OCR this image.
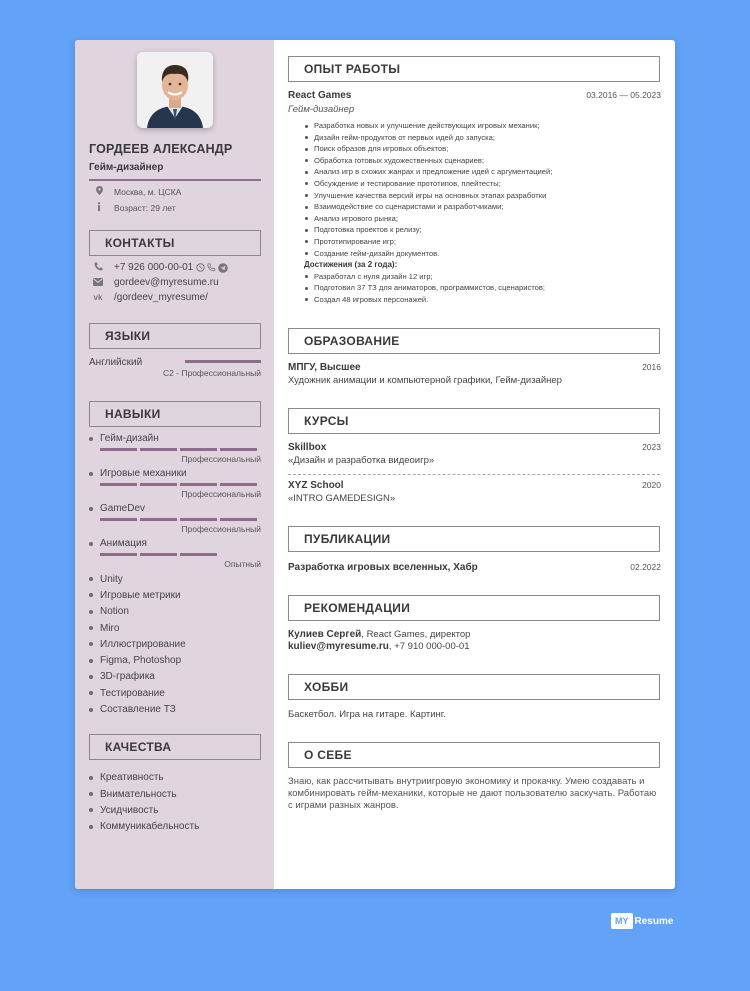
ГОРДЕЕВ АЛЕКСАНДР
Гейм-дизайнер
Москва, м. ЦСКА
Возраст: 29 лет
КОНТАКТЫ
+7 926 000-00-01
gordeev@myresume.ru
vk /gordeev_myresume/
ЯЗЫКИ
Английский
C2 - Профессиональный
НАВЫКИ
Гейм-дизайн
Профессиональный
Игровые механики
Профессиональный
GameDev
Профессиональный
Анимация
Опытный
Unity
Игровые метрики
Notion
Miro
Иллюстрирование
Figma, Photoshop
3D-графика
Тестирование
Составление ТЗ
КАЧЕСТВА
Креативность
Внимательность
Усидчивость
Коммуникабельность
ОПЫТ РАБОТЫ
React Games	03.2016 — 05.2023
Гейм-дизайнер
Разработка новых и улучшение действующих игровых механик;
Дизайн гейм-продуктов от первых идей до запуска;
Поиск образов для игровых объектов;
Обработка готовых художественных сценариев;
Анализ игр в схожих жанрах и предложение идей с аргументацией;
Обсуждение и тестирование прототипов, плейтесты;
Улучшение качества версий игры на основных этапах разработки
Взаимодействие со сценаристами и разработчиками;
Анализ игрового рынка;
Подготовка проектов к релизу;
Прототипирование игр;
Создание гейм-дизайн документов.
Достижения (за 2 года):
Разработал с нуля дизайн 12 игр;
Подготовил 37 ТЗ для аниматоров, программистов, сценаристов;
Создал 48 игровых персонажей.
ОБРАЗОВАНИЕ
МПГУ, Высшее	2016
Художник анимации и компьютерной графики, Гейм-дизайнер
КУРСЫ
Skillbox	2023
«Дизайн и разработка видеоигр»
XYZ School	2020
«INTRO GAMEDESIGN»
ПУБЛИКАЦИИ
Разработка игровых вселенных, Хабр	02.2022
РЕКОМЕНДАЦИИ
Кулиев Сергей, React Games, директор
kuliev@myresume.ru, +7 910 000-00-01
ХОББИ
Баскетбол. Игра на гитаре. Картинг.
О СЕБЕ
Знаю, как рассчитывать внутриигровую экономику и прокачку. Умею создавать и комбинировать гейм-механики, которые не дают пользователю заскучать. Работаю с играми разных жанров.
MY Resume
